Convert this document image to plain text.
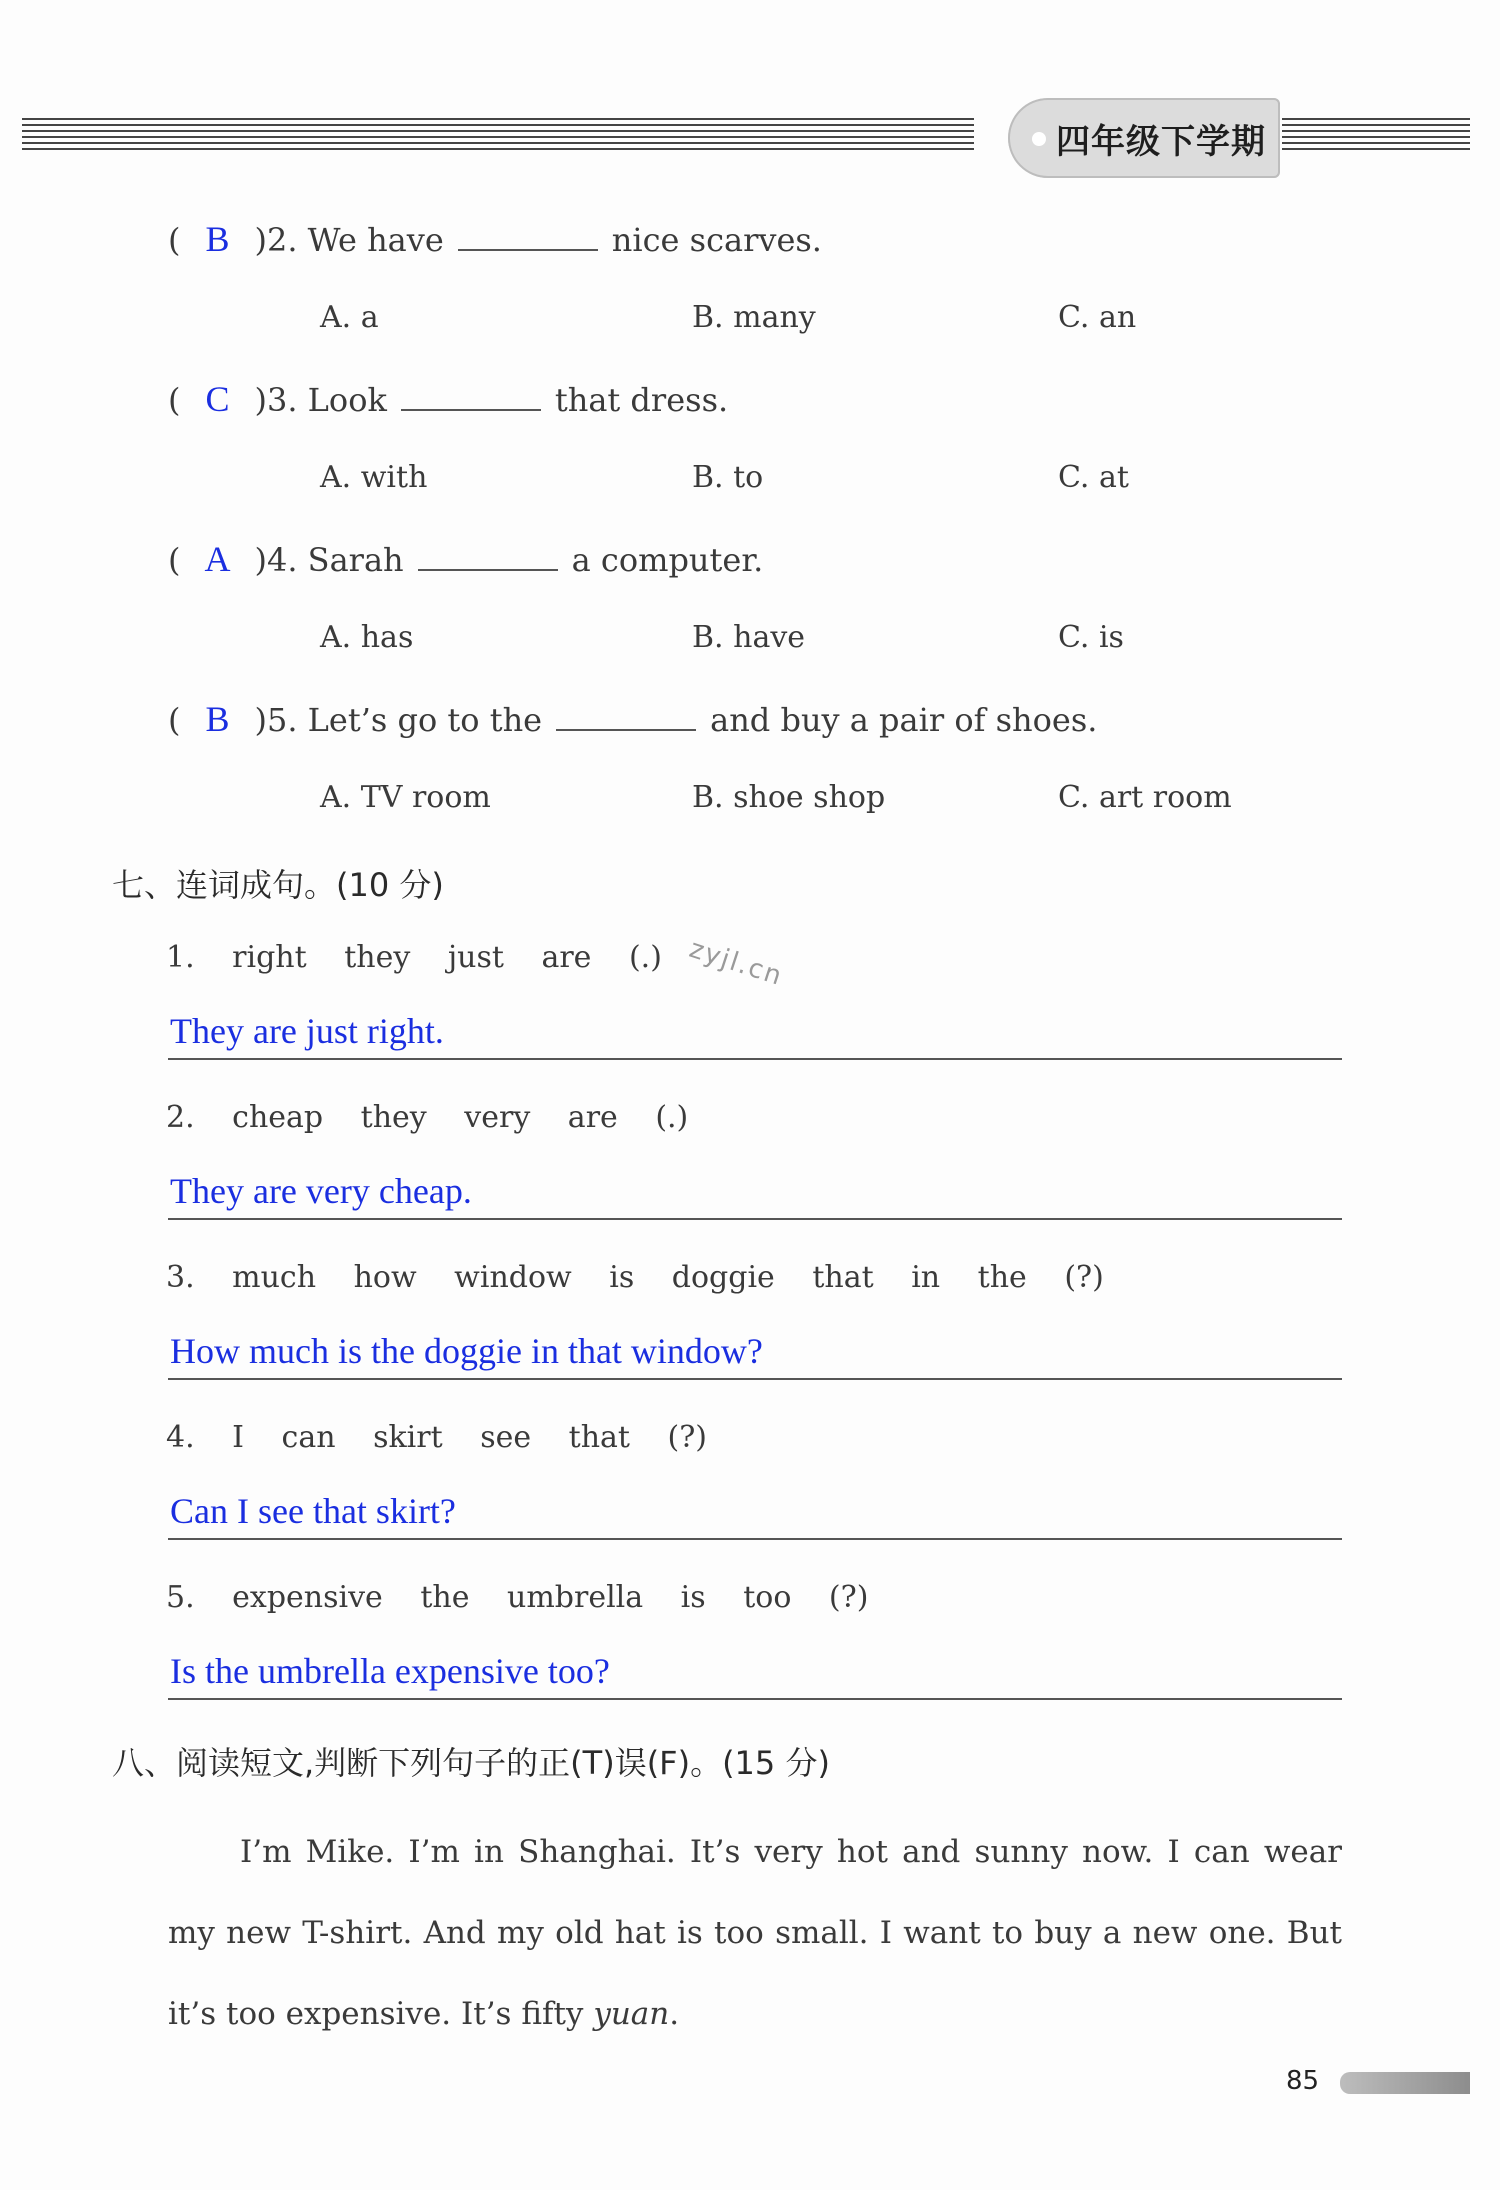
四年级下学期
( B )2. We have	nice scarves.
A. a	B. many	C. an
( C )3. Look	that dress.
A. with	B. to	C. at
( A )4. Sarah	a computer.
A. has	B. have	C. is
( B )5. Let’s go to the	and buy a pair of shoes.
A. TV room	B. shoe shop	C. art room
七、连词成句。(10 分)
1. right they just are (.) zyjl.cn
They are just right.
2. cheap they very are (.)
They are very cheap.
3. much how window is doggie that in the (?)
How much is the doggie in that window?
4. I can skirt see that (?)
Can I see that skirt?
5. expensive the umbrella is too (?)
Is the umbrella expensive too?
八、阅读短文,判断下列句子的正(T)误(F)。(15 分)
I’m Mike. I’m in Shanghai. It’s very hot and sunny now. I can wear my new T-shirt. And my old hat is too small. I want to buy a new one. But it’s too expensive. It’s fifty yuan.
85
